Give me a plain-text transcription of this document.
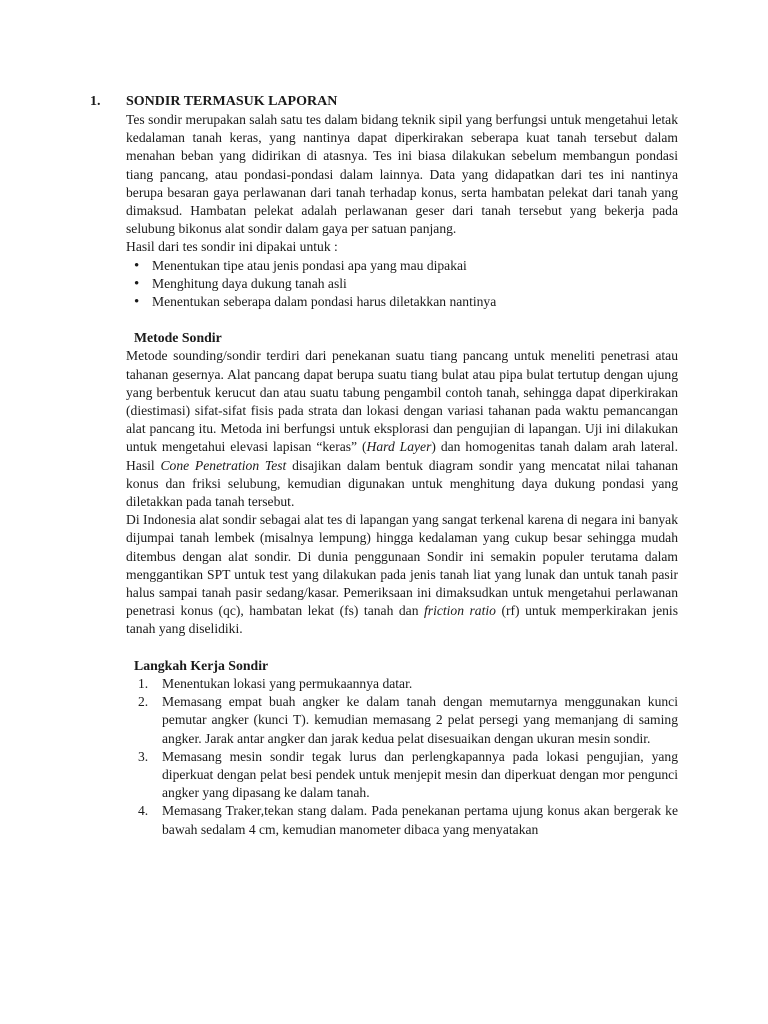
1. SONDIR TERMASUK LAPORAN

Tes sondir merupakan salah satu tes dalam bidang teknik sipil yang berfungsi untuk mengetahui letak kedalaman tanah keras, yang nantinya dapat diperkirakan seberapa kuat tanah tersebut dalam menahan beban yang didirikan di atasnya. Tes ini biasa dilakukan sebelum membangun pondasi tiang pancang, atau pondasi-pondasi dalam lainnya. Data yang didapatkan dari tes ini nantinya berupa besaran gaya perlawanan dari tanah terhadap konus, serta hambatan pelekat dari tanah yang dimaksud. Hambatan pelekat adalah perlawanan geser dari tanah tersebut yang bekerja pada selubung bikonus alat sondir dalam gaya per satuan panjang.

Hasil dari tes sondir ini dipakai untuk :

• Menentukan tipe atau jenis pondasi apa yang mau dipakai
• Menghitung daya dukung tanah asli
• Menentukan seberapa dalam pondasi harus diletakkan nantinya
Metode Sondir

Metode sounding/sondir terdiri dari penekanan suatu tiang pancang untuk meneliti penetrasi atau tahanan gesernya. Alat pancang dapat berupa suatu tiang bulat atau pipa bulat tertutup dengan ujung yang berbentuk kerucut dan atau suatu tabung pengambil contoh tanah, sehingga dapat diperkirakan (diestimasi) sifat-sifat fisis pada strata dan lokasi dengan variasi tahanan pada waktu pemancangan alat pancang itu. Metoda ini berfungsi untuk eksplorasi dan pengujian di lapangan. Uji ini dilakukan untuk mengetahui elevasi lapisan “keras” (Hard Layer) dan homogenitas tanah dalam arah lateral. Hasil Cone Penetration Test disajikan dalam bentuk diagram sondir yang mencatat nilai tahanan konus dan friksi selubung, kemudian digunakan untuk menghitung daya dukung pondasi yang diletakkan pada tanah tersebut.

Di Indonesia alat sondir sebagai alat tes di lapangan yang sangat terkenal karena di negara ini banyak dijumpai tanah lembek (misalnya lempung) hingga kedalaman yang cukup besar sehingga mudah ditembus dengan alat sondir. Di dunia penggunaan Sondir ini semakin populer terutama dalam menggantikan SPT untuk test yang dilakukan pada jenis tanah liat yang lunak dan untuk tanah pasir halus sampai tanah pasir sedang/kasar. Pemeriksaan ini dimaksudkan untuk mengetahui perlawanan penetrasi konus (qc), hambatan lekat (fs) tanah dan friction ratio (rf) untuk memperkirakan jenis tanah yang diselidiki.

Langkah Kerja Sondir
1. Menentukan lokasi yang permukaannya datar.
2. Memasang empat buah angker ke dalam tanah dengan memutarnya menggunakan kunci pemutar angker (kunci T). kemudian memasang 2 pelat persegi yang memanjang di saming angker. Jarak antar angker dan jarak kedua pelat disesuaikan dengan ukuran mesin sondir.
3. Memasang mesin sondir tegak lurus dan perlengkapannya pada lokasi pengujian, yang diperkuat dengan pelat besi pendek untuk menjepit mesin dan diperkuat dengan mor pengunci angker yang dipasang ke dalam tanah.
4. Memasang Traker,tekan stang dalam. Pada penekanan pertama ujung konus akan bergerak ke bawah sedalam 4 cm, kemudian manometer dibaca yang menyatakan
